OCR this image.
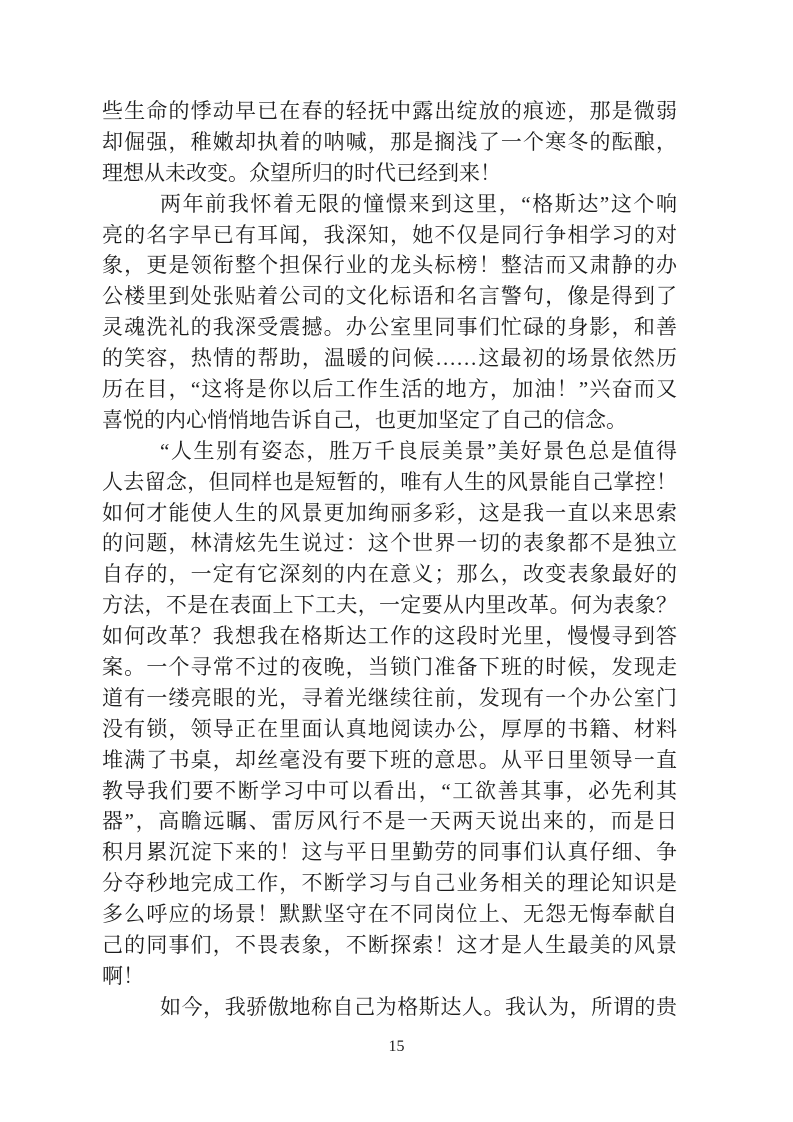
些生命的悸动早已在春的轻抚中露出绽放的痕迹，那是微弱
却倔强，稚嫩却执着的呐喊，那是搁浅了一个寒冬的酝酿，
理想从未改变。众望所归的时代已经到来！
两年前我怀着无限的憧憬来到这里，“格斯达”这个响
亮的名字早已有耳闻，我深知，她不仅是同行争相学习的对
象，更是领衔整个担保行业的龙头标榜！整洁而又肃静的办
公楼里到处张贴着公司的文化标语和名言警句，像是得到了
灵魂洗礼的我深受震撼。办公室里同事们忙碌的身影，和善
的笑容，热情的帮助，温暖的问候……这最初的场景依然历
历在目，“这将是你以后工作生活的地方，加油！”兴奋而又
喜悦的内心悄悄地告诉自己，也更加坚定了自己的信念。
“人生别有姿态，胜万千良辰美景”美好景色总是值得
人去留念，但同样也是短暂的，唯有人生的风景能自己掌控！
如何才能使人生的风景更加绚丽多彩，这是我一直以来思索
的问题，林清炫先生说过：这个世界一切的表象都不是独立
自存的，一定有它深刻的内在意义；那么，改变表象最好的
方法，不是在表面上下工夫，一定要从内里改革。何为表象？
如何改革？我想我在格斯达工作的这段时光里，慢慢寻到答
案。一个寻常不过的夜晚，当锁门准备下班的时候，发现走
道有一缕亮眼的光，寻着光继续往前，发现有一个办公室门
没有锁，领导正在里面认真地阅读办公，厚厚的书籍、材料
堆满了书桌，却丝毫没有要下班的意思。从平日里领导一直
教导我们要不断学习中可以看出，“工欲善其事，必先利其
器”，高瞻远瞩、雷厉风行不是一天两天说出来的，而是日
积月累沉淀下来的！这与平日里勤劳的同事们认真仔细、争
分夺秒地完成工作，不断学习与自己业务相关的理论知识是
多么呼应的场景！默默坚守在不同岗位上、无怨无悔奉献自
己的同事们，不畏表象，不断探索！这才是人生最美的风景
啊！
如今，我骄傲地称自己为格斯达人。我认为，所谓的贵
15
